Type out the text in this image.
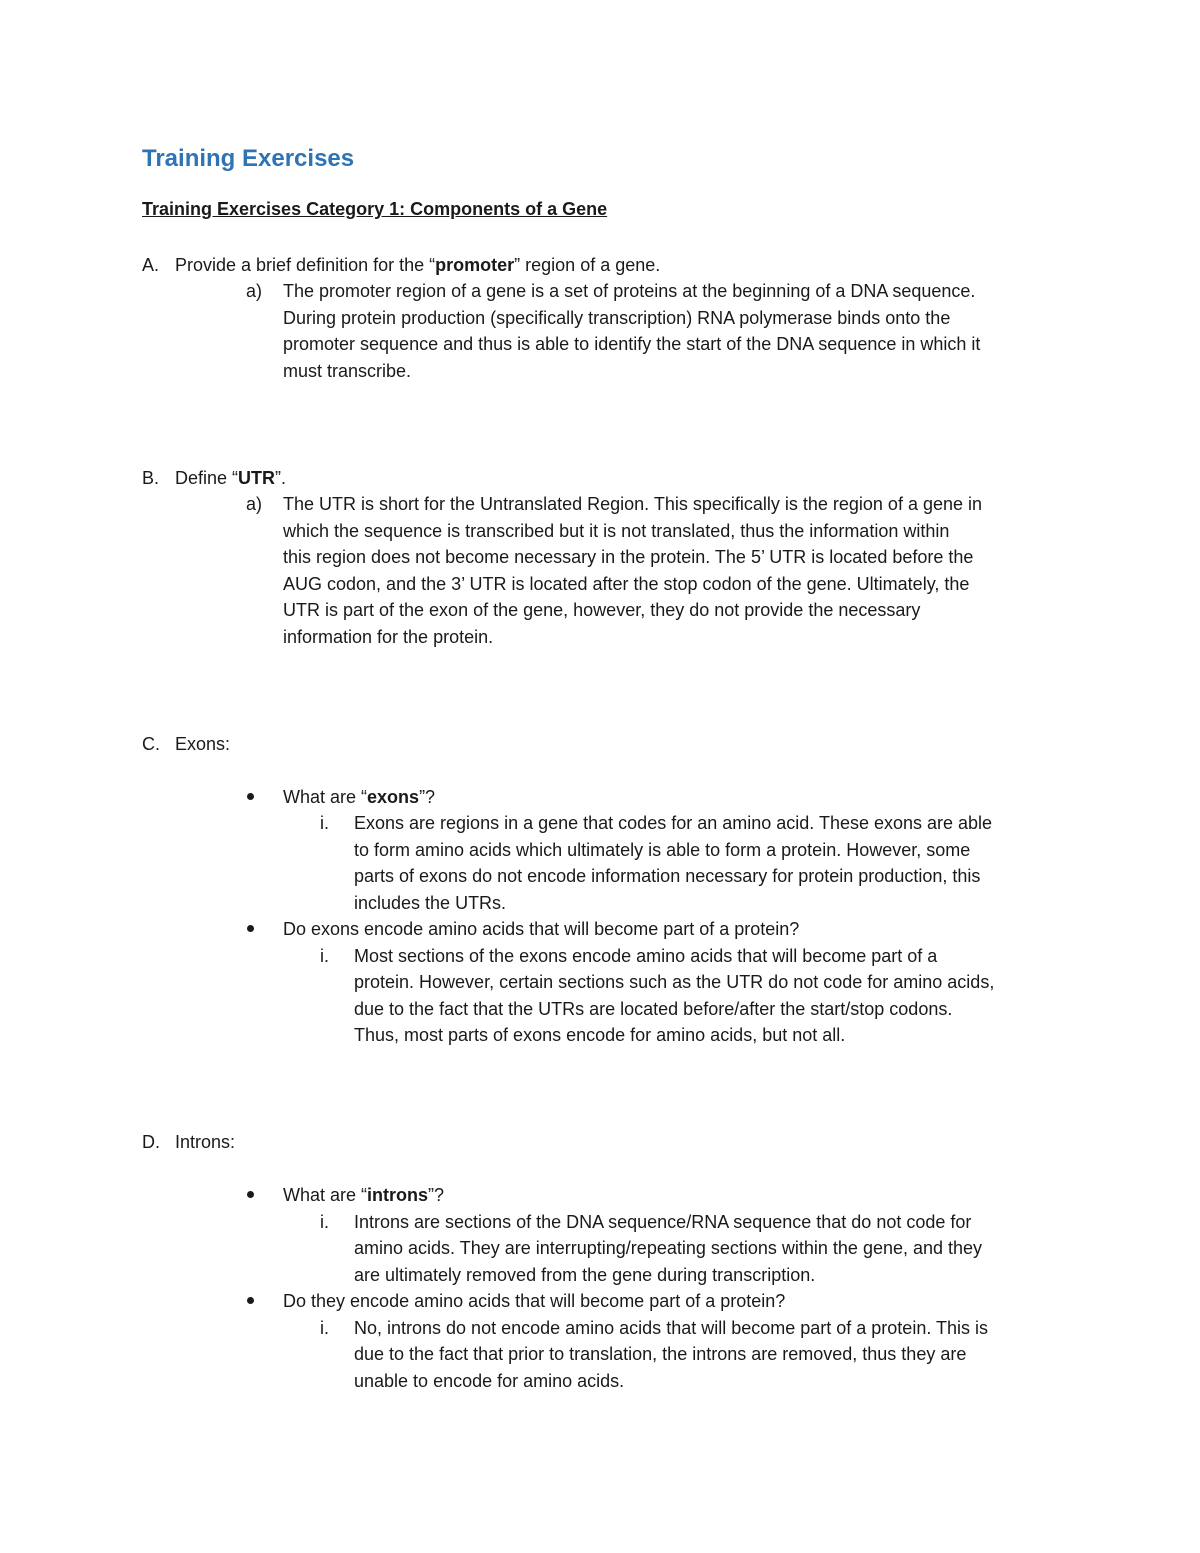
Training Exercises
Training Exercises Category 1: Components of a Gene
A. Provide a brief definition for the “promoter” region of a gene.
a) The promoter region of a gene is a set of proteins at the beginning of a DNA sequence.
During protein production (specifically transcription) RNA polymerase binds onto the
promoter sequence and thus is able to identify the start of the DNA sequence in which it
must transcribe.
B. Define “UTR”.
a) The UTR is short for the Untranslated Region. This specifically is the region of a gene in
which the sequence is transcribed but it is not translated, thus the information within
this region does not become necessary in the protein. The 5’ UTR is located before the
AUG codon, and the 3’ UTR is located after the stop codon of the gene. Ultimately, the
UTR is part of the exon of the gene, however, they do not provide the necessary
information for the protein.
C. Exons:
What are “exons”?
i. Exons are regions in a gene that codes for an amino acid. These exons are able
to form amino acids which ultimately is able to form a protein. However, some
parts of exons do not encode information necessary for protein production, this
includes the UTRs.
Do exons encode amino acids that will become part of a protein?
i. Most sections of the exons encode amino acids that will become part of a
protein. However, certain sections such as the UTR do not code for amino acids,
due to the fact that the UTRs are located before/after the start/stop codons.
Thus, most parts of exons encode for amino acids, but not all.
D. Introns:
What are “introns”?
i. Introns are sections of the DNA sequence/RNA sequence that do not code for
amino acids. They are interrupting/repeating sections within the gene, and they
are ultimately removed from the gene during transcription.
Do they encode amino acids that will become part of a protein?
i. No, introns do not encode amino acids that will become part of a protein. This is
due to the fact that prior to translation, the introns are removed, thus they are
unable to encode for amino acids.
